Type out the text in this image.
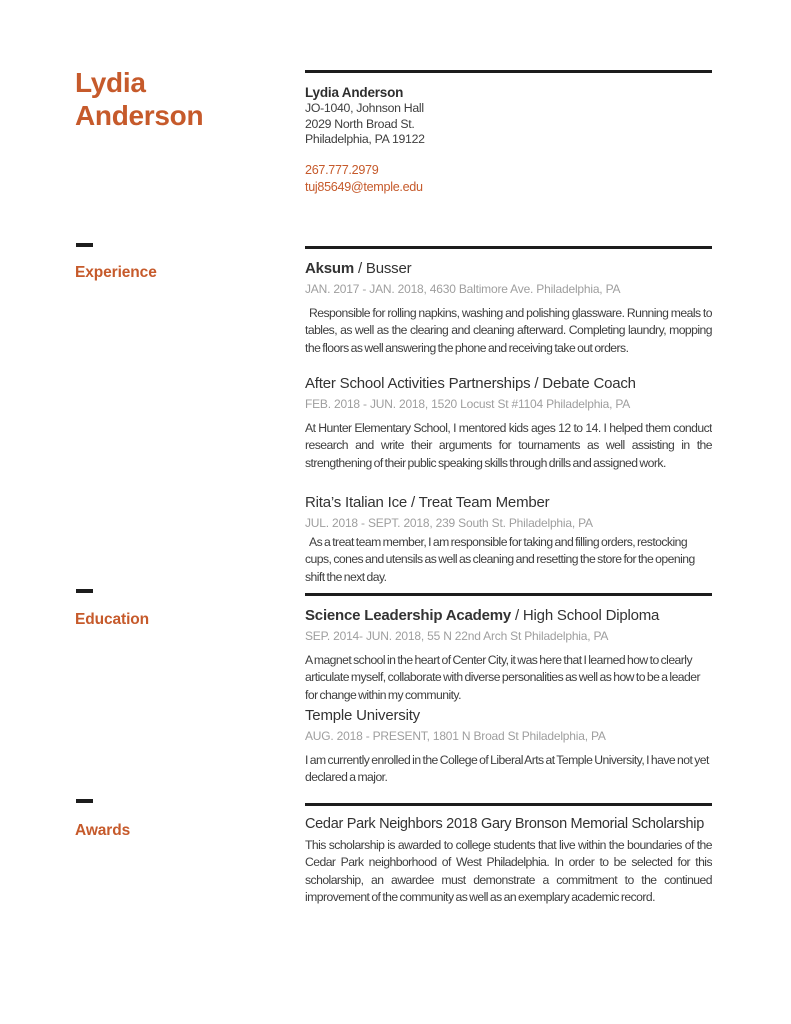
Lydia Anderson
Lydia Anderson
JO-1040, Johnson Hall
2029 North Broad St.
Philadelphia, PA 19122
267.777.2979
tuj85649@temple.edu
Experience	Aksum / Busser
JAN. 2017 - JAN. 2018, 4630 Baltimore Ave. Philadelphia, PA

Responsible for rolling napkins, washing and polishing glassware. Running meals to tables, as well as the clearing and cleaning afterward. Completing laundry, mopping the floors as well answering the phone and receiving take out orders.

After School Activities Partnerships / Debate Coach
FEB. 2018 - JUN. 2018, 1520 Locust St #1104 Philadelphia, PA

At Hunter Elementary School, I mentored kids ages 12 to 14. I helped them conduct research and write their arguments for tournaments as well assisting in the strengthening of their public speaking skills through drills and assigned work.

Rita’s Italian Ice / Treat Team Member
JUL. 2018 - SEPT. 2018, 239 South St. Philadelphia, PA

As a treat team member, I am responsible for taking and filling orders, restocking cups, cones and utensils as well as cleaning and resetting the store for the opening shift the next day.

Education	Science Leadership Academy / High School Diploma
SEP. 2014- JUN. 2018, 55 N 22nd Arch St Philadelphia, PA

A magnet school in the heart of Center City, it was here that I learned how to clearly articulate myself, collaborate with diverse personalities as well as how to be a leader for change within my community.

Temple University
AUG. 2018 - PRESENT, 1801 N Broad St Philadelphia, PA

I am currently enrolled in the College of Liberal Arts at Temple University, I have not yet declared a major.

Awards	Cedar Park Neighbors 2018 Gary Bronson Memorial Scholarship

This scholarship is awarded to college students that live within the boundaries of the Cedar Park neighborhood of West Philadelphia. In order to be selected for this scholarship, an awardee must demonstrate a commitment to the continued improvement of the community as well as an exemplary academic record.
